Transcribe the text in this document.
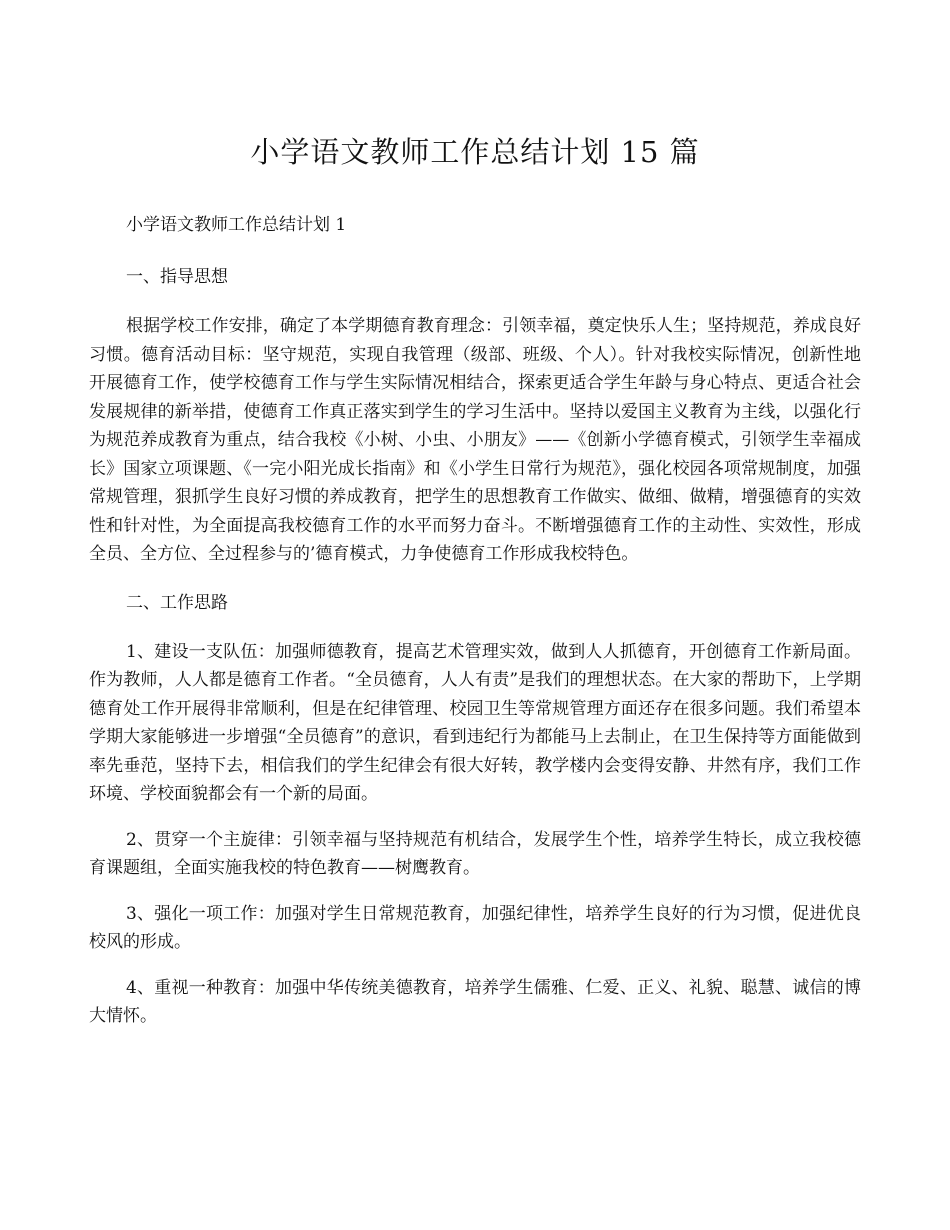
小学语文教师工作总结计划 15 篇

小学语文教师工作总结计划 1

一、指导思想

根据学校工作安排，确定了本学期德育教育理念：引领幸福，奠定快乐人生；坚持规范，养成良好习惯。德育活动目标：坚守规范，实现自我管理（级部、班级、个人）。针对我校实际情况，创新性地开展德育工作，使学校德育工作与学生实际情况相结合，探索更适合学生年龄与身心特点、更适合社会发展规律的新举措，使德育工作真正落实到学生的学习生活中。坚持以爱国主义教育为主线，以强化行为规范养成教育为重点，结合我校《小树、小虫、小朋友》——《创新小学德育模式，引领学生幸福成长》国家立项课题、《一完小阳光成长指南》和《小学生日常行为规范》，强化校园各项常规制度，加强常规管理，狠抓学生良好习惯的养成教育，把学生的思想教育工作做实、做细、做精，增强德育的实效性和针对性，为全面提高我校德育工作的水平而努力奋斗。不断增强德育工作的主动性、实效性，形成全员、全方位、全过程参与的’德育模式，力争使德育工作形成我校特色。

二、工作思路

1、建设一支队伍：加强师德教育，提高艺术管理实效，做到人人抓德育，开创德育工作新局面。作为教师，人人都是德育工作者。“全员德育，人人有责”是我们的理想状态。在大家的帮助下，上学期德育处工作开展得非常顺利，但是在纪律管理、校园卫生等常规管理方面还存在很多问题。我们希望本学期大家能够进一步增强“全员德育”的意识，看到违纪行为都能马上去制止，在卫生保持等方面能做到率先垂范，坚持下去，相信我们的学生纪律会有很大好转，教学楼内会变得安静、井然有序，我们工作环境、学校面貌都会有一个新的局面。

2、贯穿一个主旋律：引领幸福与坚持规范有机结合，发展学生个性，培养学生特长，成立我校德育课题组，全面实施我校的特色教育——树鹰教育。

3、强化一项工作：加强对学生日常规范教育，加强纪律性，培养学生良好的行为习惯，促进优良校风的形成。

4、重视一种教育：加强中华传统美德教育，培养学生儒雅、仁爱、正义、礼貌、聪慧、诚信的博大情怀。
